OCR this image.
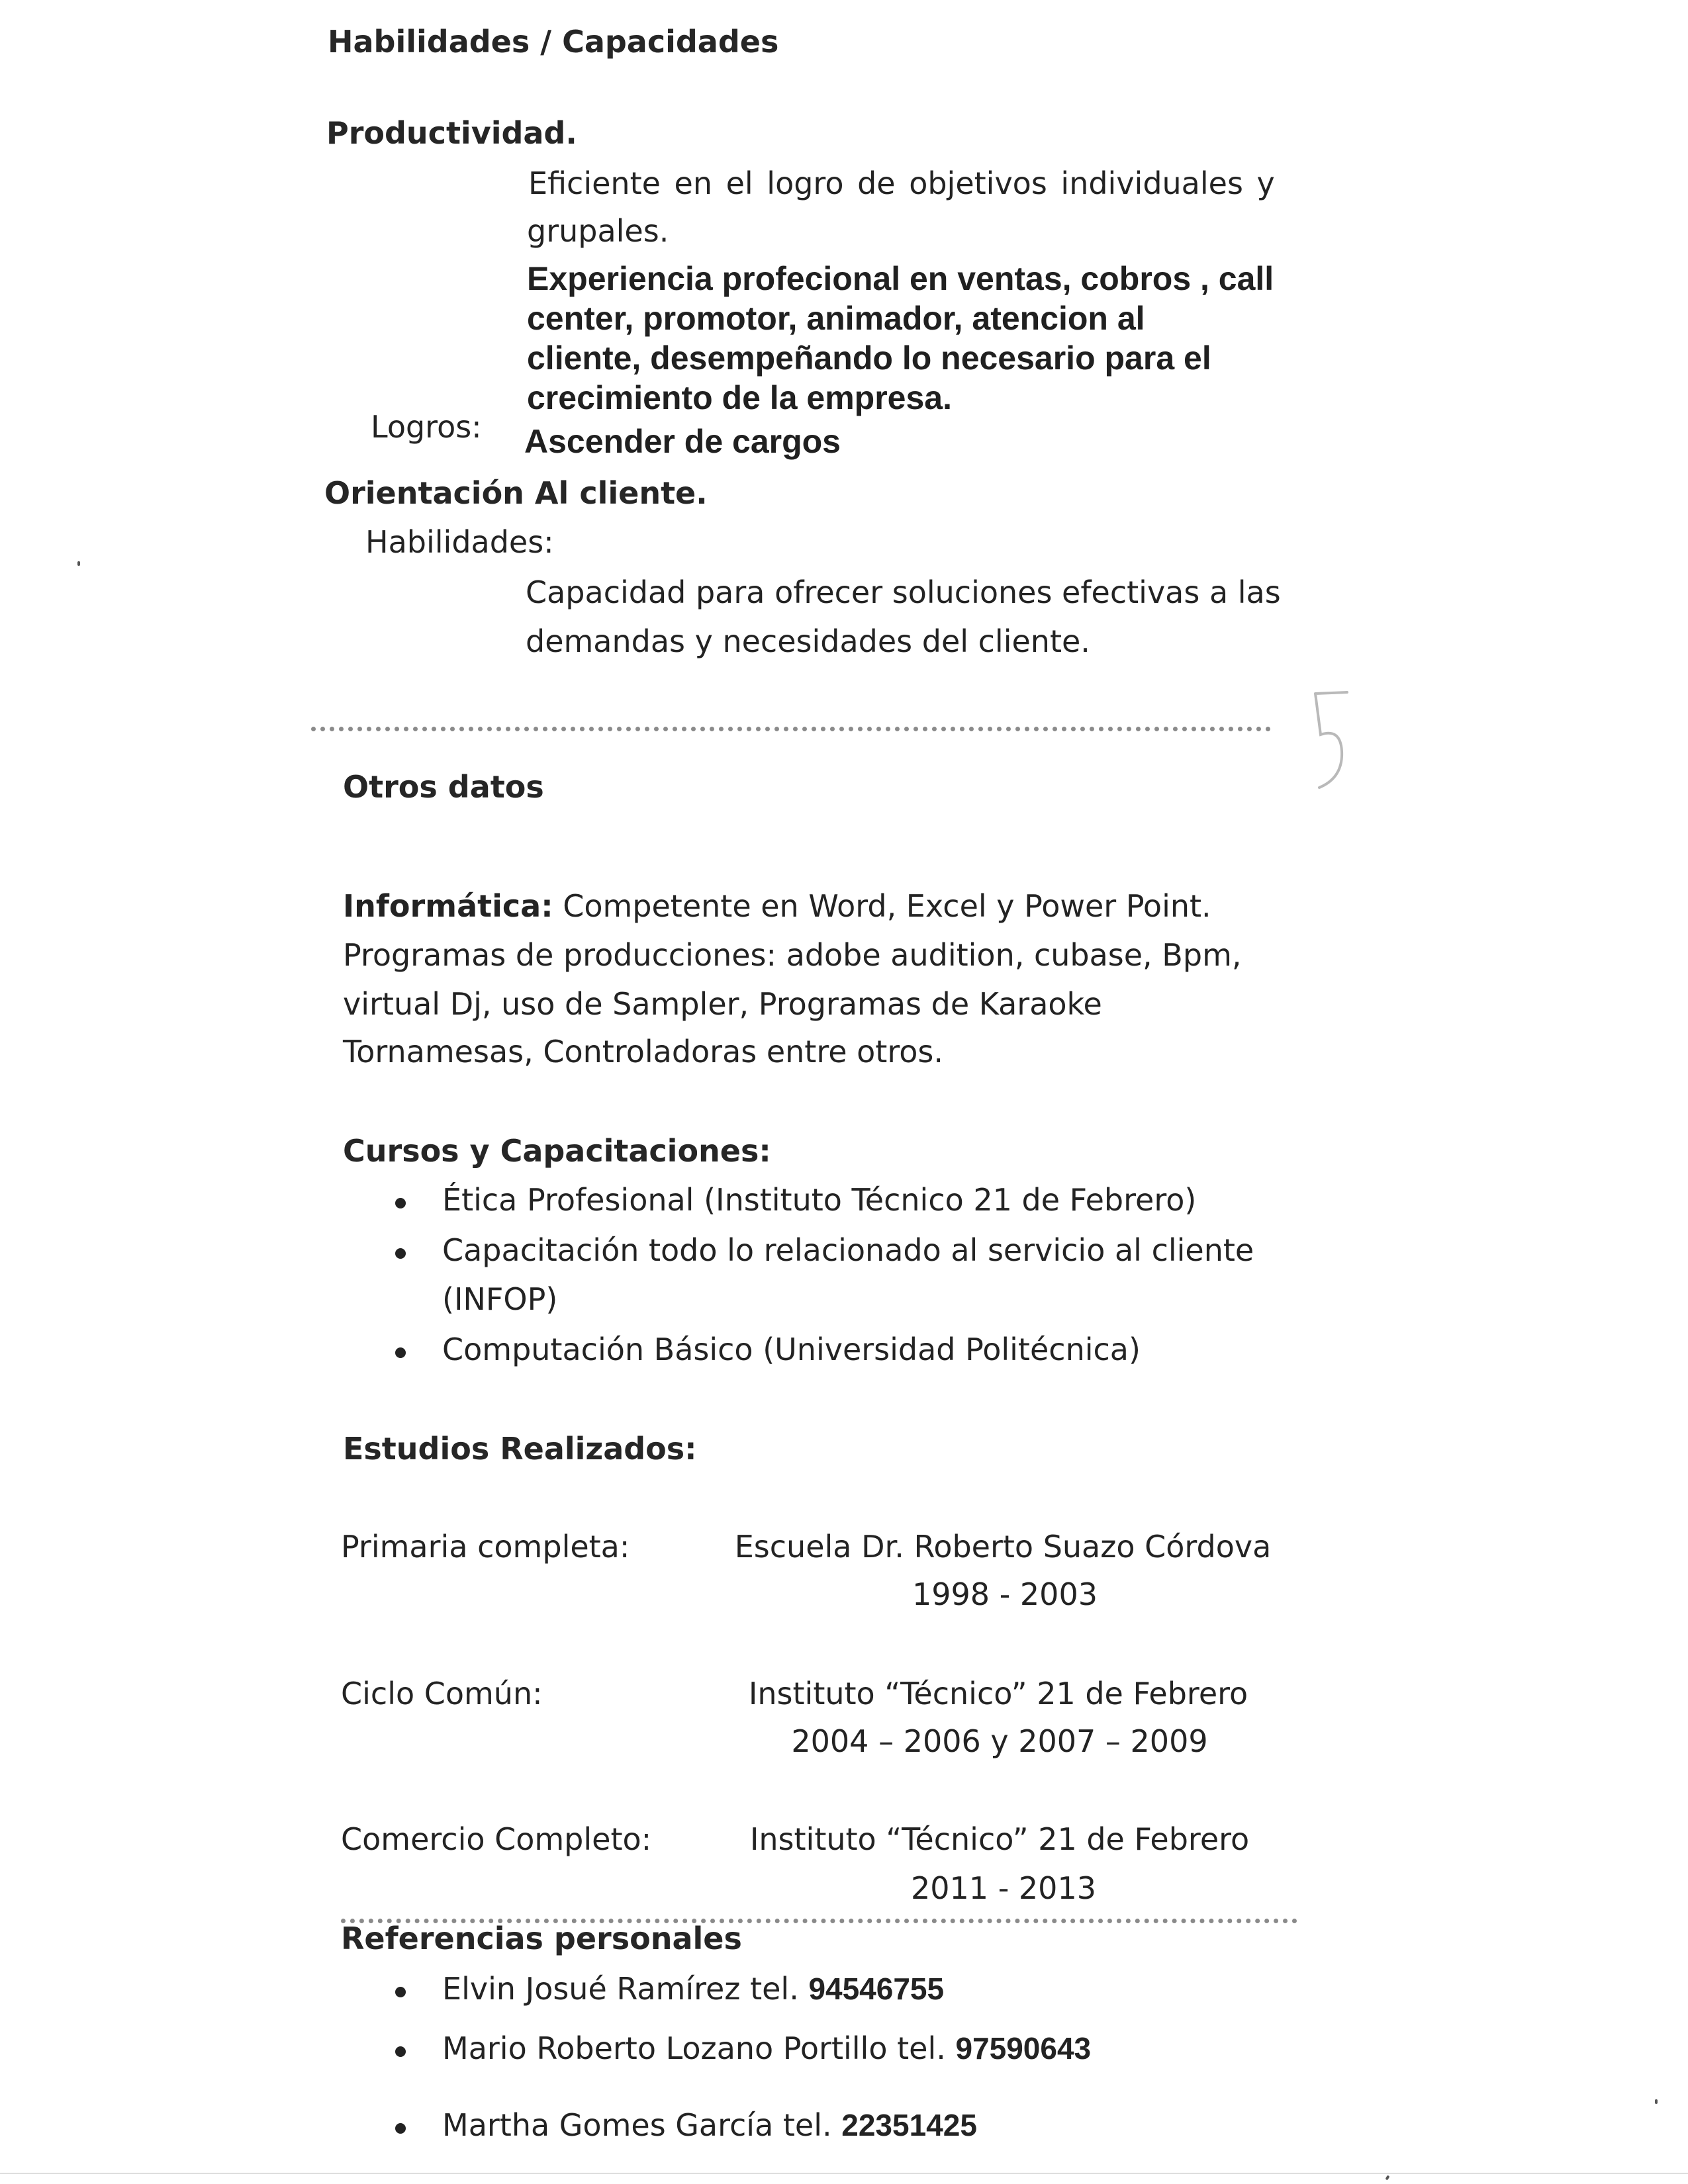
Habilidades / Capacidades

Productividad.

Eficiente en el logro de objetivos individuales y

grupales.

Experiencia profecional en ventas, cobros , call

center, promotor, animador, atencion al

cliente, desempeñando lo necesario para el

crecimiento de la empresa.

Logros: Ascender de cargos

Orientación Al cliente.

Habilidades:

Capacidad para ofrecer soluciones efectivas a las

demandas y necesidades del cliente.

Otros datos

Informática: Competente en Word, Excel y Power Point.

Programas de producciones: adobe audition, cubase, Bpm,

virtual Dj, uso de Sampler, Programas de Karaoke

Tornamesas, Controladoras entre otros.

Cursos y Capacitaciones:

Ética Profesional (Instituto Técnico 21 de Febrero)

Capacitación todo lo relacionado al servicio al cliente

(INFOP)

Computación Básico (Universidad Politécnica)

Estudios Realizados:

Primaria completa:	Escuela Dr. Roberto Suazo Córdova

1998 - 2003

Ciclo Común:	Instituto “Técnico” 21 de Febrero

2004 – 2006 y 2007 – 2009

Comercio Completo:	Instituto “Técnico” 21 de Febrero

2011 - 2013

Referencias personales

Elvin Josué Ramírez tel. 94546755

Mario Roberto Lozano Portillo tel. 97590643

Martha Gomes García tel. 22351425
